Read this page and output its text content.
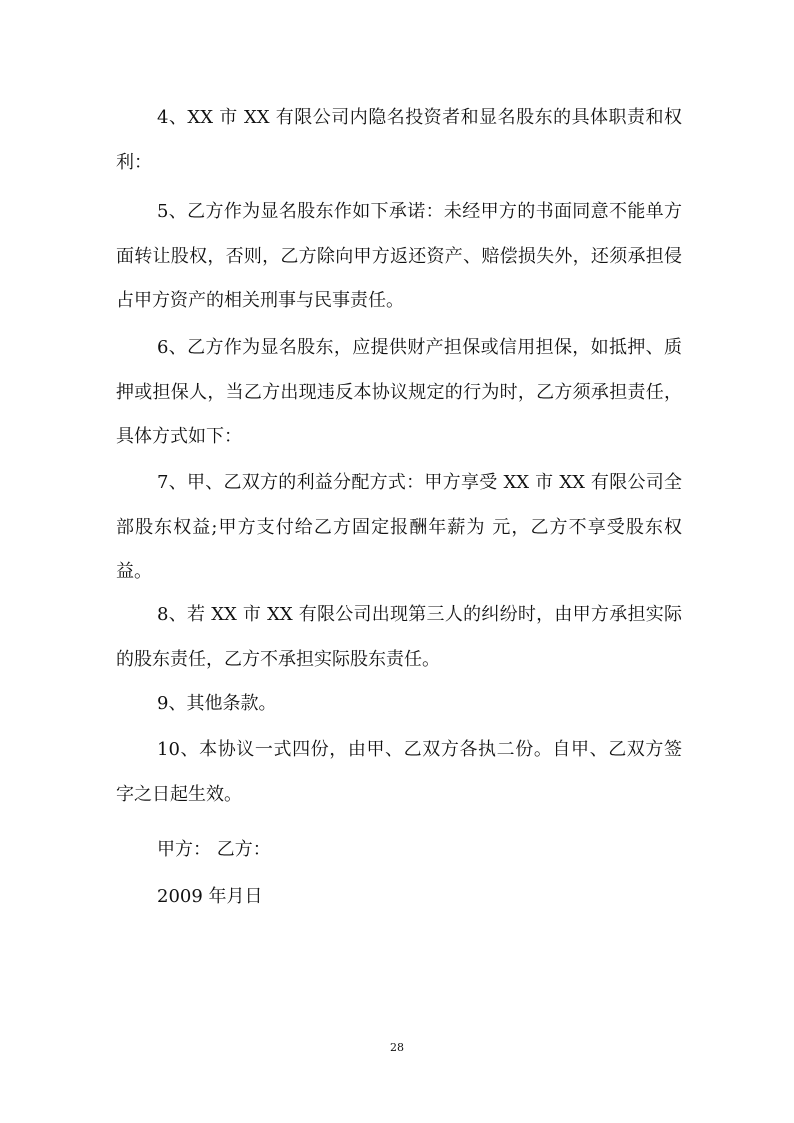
4、XX 市 XX 有限公司内隐名投资者和显名股东的具体职责和权利：

5、乙方作为显名股东作如下承诺：未经甲方的书面同意不能单方面转让股权，否则，乙方除向甲方返还资产、赔偿损失外，还须承担侵占甲方资产的相关刑事与民事责任。

6、乙方作为显名股东，应提供财产担保或信用担保，如抵押、质押或担保人，当乙方出现违反本协议规定的行为时，乙方须承担责任，具体方式如下：

7、甲、乙双方的利益分配方式：甲方享受 XX 市 XX 有限公司全部股东权益;甲方支付给乙方固定报酬年薪为 元，乙方不享受股东权益。

8、若 XX 市 XX 有限公司出现第三人的纠纷时，由甲方承担实际的股东责任，乙方不承担实际股东责任。

9、其他条款。

10、本协议一式四份，由甲、乙双方各执二份。自甲、乙双方签字之日起生效。

甲方： 乙方：

2009 年月日

28
